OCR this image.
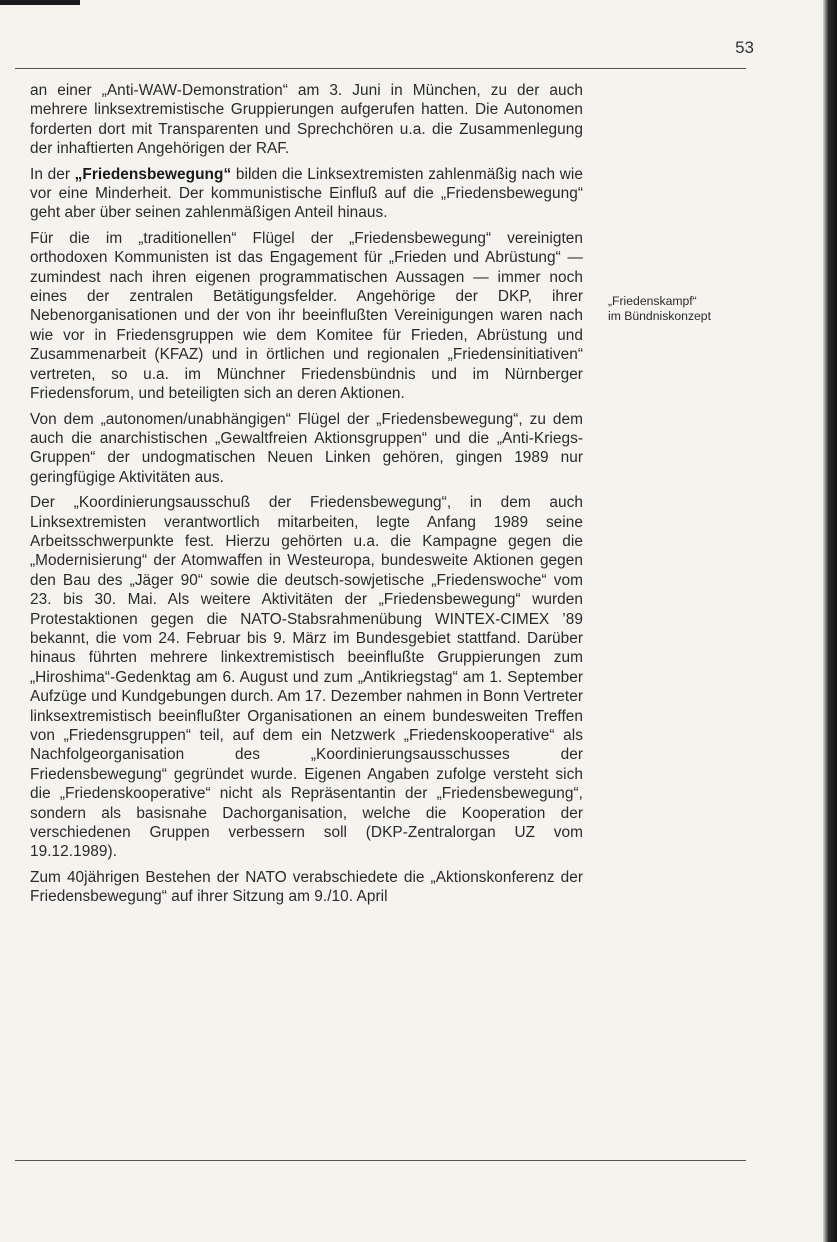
53

an einer „Anti-WAW-Demonstration“ am 3. Juni in München, zu der auch mehrere linksextremistische Gruppierungen aufgerufen hatten. Die Autonomen forderten dort mit Transparenten und Sprechchören u.a. die Zusammenlegung der inhaftierten Angehörigen der RAF.

In der „Friedensbewegung“ bilden die Linksextremisten zahlenmäßig nach wie vor eine Minderheit. Der kommunistische Einfluß auf die „Friedensbewegung“ geht aber über seinen zahlenmäßigen Anteil hinaus.

Für die im „traditionellen“ Flügel der „Friedensbewegung“ vereinigten orthodoxen Kommunisten ist das Engagement für „Frieden und Abrüstung“ — zumindest nach ihren eigenen programmatischen Aussagen — immer noch eines der zentralen Betätigungsfelder. Angehörige der DKP, ihrer Nebenorganisationen und der von ihr beeinflußten Vereinigungen waren nach wie vor in Friedensgruppen wie dem Komitee für Frieden, Abrüstung und Zusammenarbeit (KFAZ) und in örtlichen und regionalen „Friedensinitiativen“ vertreten, so u.a. im Münchner Friedensbündnis und im Nürnberger Friedensforum, und beteiligten sich an deren Aktionen.

Von dem „autonomen/unabhängigen“ Flügel der „Friedensbewegung“, zu dem auch die anarchistischen „Gewaltfreien Aktionsgruppen“ und die „Anti-Kriegs-Gruppen“ der undogmatischen Neuen Linken gehören, gingen 1989 nur geringfügige Aktivitäten aus.

Der „Koordinierungsausschuß der Friedensbewegung“, in dem auch Linksextremisten verantwortlich mitarbeiten, legte Anfang 1989 seine Arbeitsschwerpunkte fest. Hierzu gehörten u.a. die Kampagne gegen die „Modernisierung“ der Atomwaffen in Westeuropa, bundesweite Aktionen gegen den Bau des „Jäger 90“ sowie die deutsch-sowjetische „Friedenswoche“ vom 23. bis 30. Mai. Als weitere Aktivitäten der „Friedensbewegung“ wurden Protestaktionen gegen die NATO-Stabsrahmenübung WINTEX-CIMEX ’89 bekannt, die vom 24. Februar bis 9. März im Bundesgebiet stattfand. Darüber hinaus führten mehrere linkextremistisch beeinflußte Gruppierungen zum „Hiroshima“-Gedenktag am 6. August und zum „Antikriegstag“ am 1. September Aufzüge und Kundgebungen durch. Am 17. Dezember nahmen in Bonn Vertreter linksextremistisch beeinflußter Organisationen an einem bundesweiten Treffen von „Friedensgruppen“ teil, auf dem ein Netzwerk „Friedenskooperative“ als Nachfolgeorganisation des „Koordinierungsausschusses der Friedensbewegung“ gegründet wurde. Eigenen Angaben zufolge versteht sich die „Friedenskooperative“ nicht als Repräsentantin der „Friedensbewegung“, sondern als basisnahe Dachorganisation, welche die Kooperation der verschiedenen Gruppen verbessern soll (DKP-Zentralorgan UZ vom 19.12.1989).

Zum 40jährigen Bestehen der NATO verabschiedete die „Aktionskonferenz der Friedensbewegung“ auf ihrer Sitzung am 9./10. April

„Friedenskampf“
im Bündniskonzept
